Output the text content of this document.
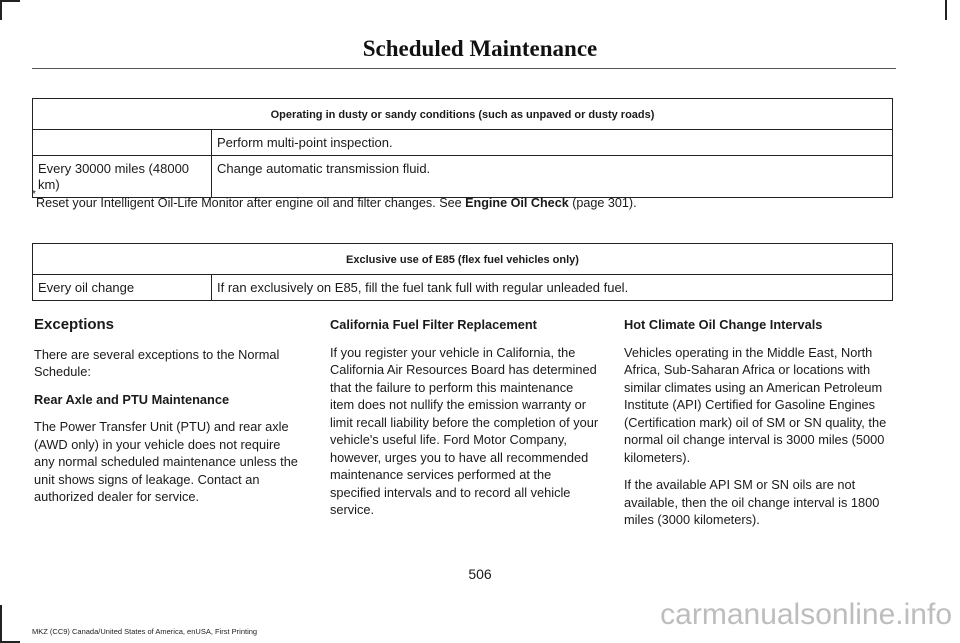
Scheduled Maintenance
Operating in dusty or sandy conditions (such as unpaved or dusty roads)	
	Perform multi-point inspection.
Every 30000 miles (48000 km)	Change automatic transmission fluid.
*
Reset your Intelligent Oil-Life Monitor after engine oil and filter changes. See Engine Oil Check (page 301).
Exclusive use of E85 (flex fuel vehicles only)
Every oil change	If ran exclusively on E85, fill the fuel tank full with regular unleaded fuel.
Exceptions

There are several exceptions to the Normal Schedule:

Rear Axle and PTU Maintenance

The Power Transfer Unit (PTU) and rear axle (AWD only) in your vehicle does not require any normal scheduled maintenance unless the unit shows signs of leakage. Contact an authorized dealer for service.

California Fuel Filter Replacement

If you register your vehicle in California, the California Air Resources Board has determined that the failure to perform this maintenance item does not nullify the emission warranty or limit recall liability before the completion of your vehicle's useful life. Ford Motor Company, however, urges you to have all recommended maintenance services performed at the specified intervals and to record all vehicle service.

Hot Climate Oil Change Intervals

Vehicles operating in the Middle East, North Africa, Sub-Saharan Africa or locations with similar climates using an American Petroleum Institute (API) Certified for Gasoline Engines (Certification mark) oil of SM or SN quality, the normal oil change interval is 3000 miles (5000 kilometers).

If the available API SM or SN oils are not available, then the oil change interval is 1800 miles (3000 kilometers).

506
MKZ (CC9) Canada/United States of America, enUSA, First Printing
carmanualsonline.info
